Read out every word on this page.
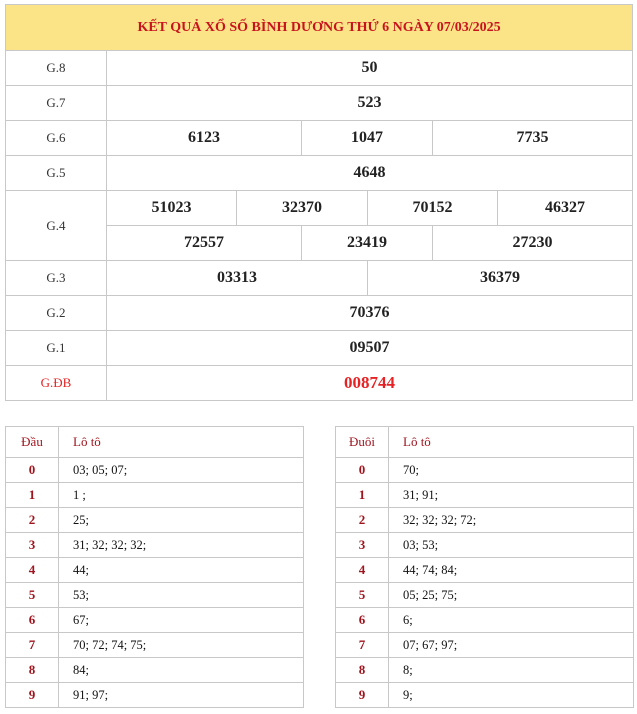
KẾT QUẢ XỔ SỐ BÌNH DƯƠNG THỨ 6 NGÀY 07/03/2025						
G.8	50					
G.7	523					
G.6	6123		1047		7735	
G.5	4648					
G.4	51023	32370		70152		46327
	72557		23419		27230	
G.3	03313			36379		
G.2	70376					
G.1	09507					
G.ĐB	008744					
Đầu	Lô tô
0	03; 05; 07;
1	1 ;
2	25;
3	31; 32; 32; 32;
4	44;
5	53;
6	67;
7	70; 72; 74; 75;
8	84;
9	91; 97;
Đuôi	Lô tô
0	70;
1	31; 91;
2	32; 32; 32; 72;
3	03; 53;
4	44; 74; 84;
5	05; 25; 75;
6	6;
7	07; 67; 97;
8	8;
9	9;
